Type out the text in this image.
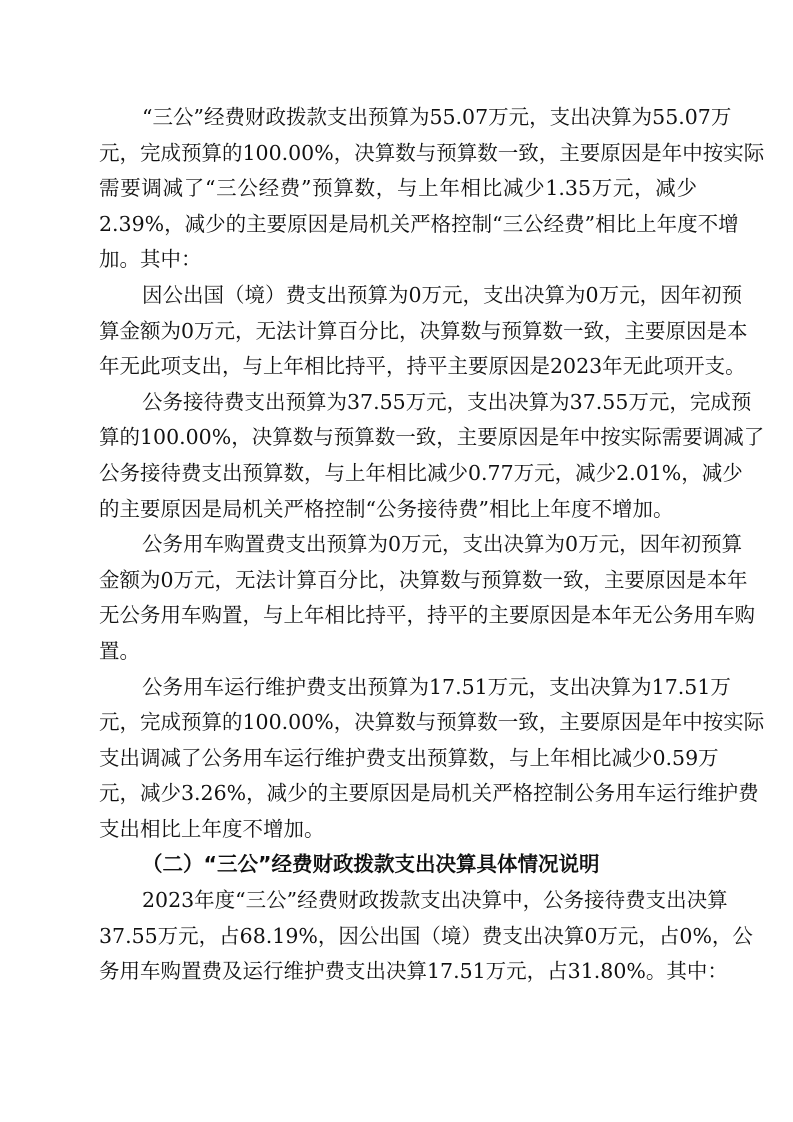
“三公”经费财政拨款支出预算为55.07万元，支出决算为55.07万
元，完成预算的100.00%，决算数与预算数一致，主要原因是年中按实际
需要调减了“三公经费”预算数，与上年相比减少1.35万元，减少
2.39%，减少的主要原因是局机关严格控制“三公经费”相比上年度不增
加。其中：
因公出国（境）费支出预算为0万元，支出决算为0万元，因年初预
算金额为0万元，无法计算百分比，决算数与预算数一致，主要原因是本
年无此项支出，与上年相比持平，持平主要原因是2023年无此项开支。
公务接待费支出预算为37.55万元，支出决算为37.55万元，完成预
算的100.00%，决算数与预算数一致，主要原因是年中按实际需要调减了
公务接待费支出预算数，与上年相比减少0.77万元，减少2.01%，减少
的主要原因是局机关严格控制“公务接待费”相比上年度不增加。
公务用车购置费支出预算为0万元，支出决算为0万元，因年初预算
金额为0万元，无法计算百分比，决算数与预算数一致，主要原因是本年
无公务用车购置，与上年相比持平，持平的主要原因是本年无公务用车购
置。
公务用车运行维护费支出预算为17.51万元，支出决算为17.51万
元，完成预算的100.00%，决算数与预算数一致，主要原因是年中按实际
支出调减了公务用车运行维护费支出预算数，与上年相比减少0.59万
元，减少3.26%，减少的主要原因是局机关严格控制公务用车运行维护费
支出相比上年度不增加。
（二）“三公”经费财政拨款支出决算具体情况说明
2023年度“三公”经费财政拨款支出决算中，公务接待费支出决算
37.55万元，占68.19%，因公出国（境）费支出决算0万元，占0%，公
务用车购置费及运行维护费支出决算17.51万元，占31.80%。其中：
